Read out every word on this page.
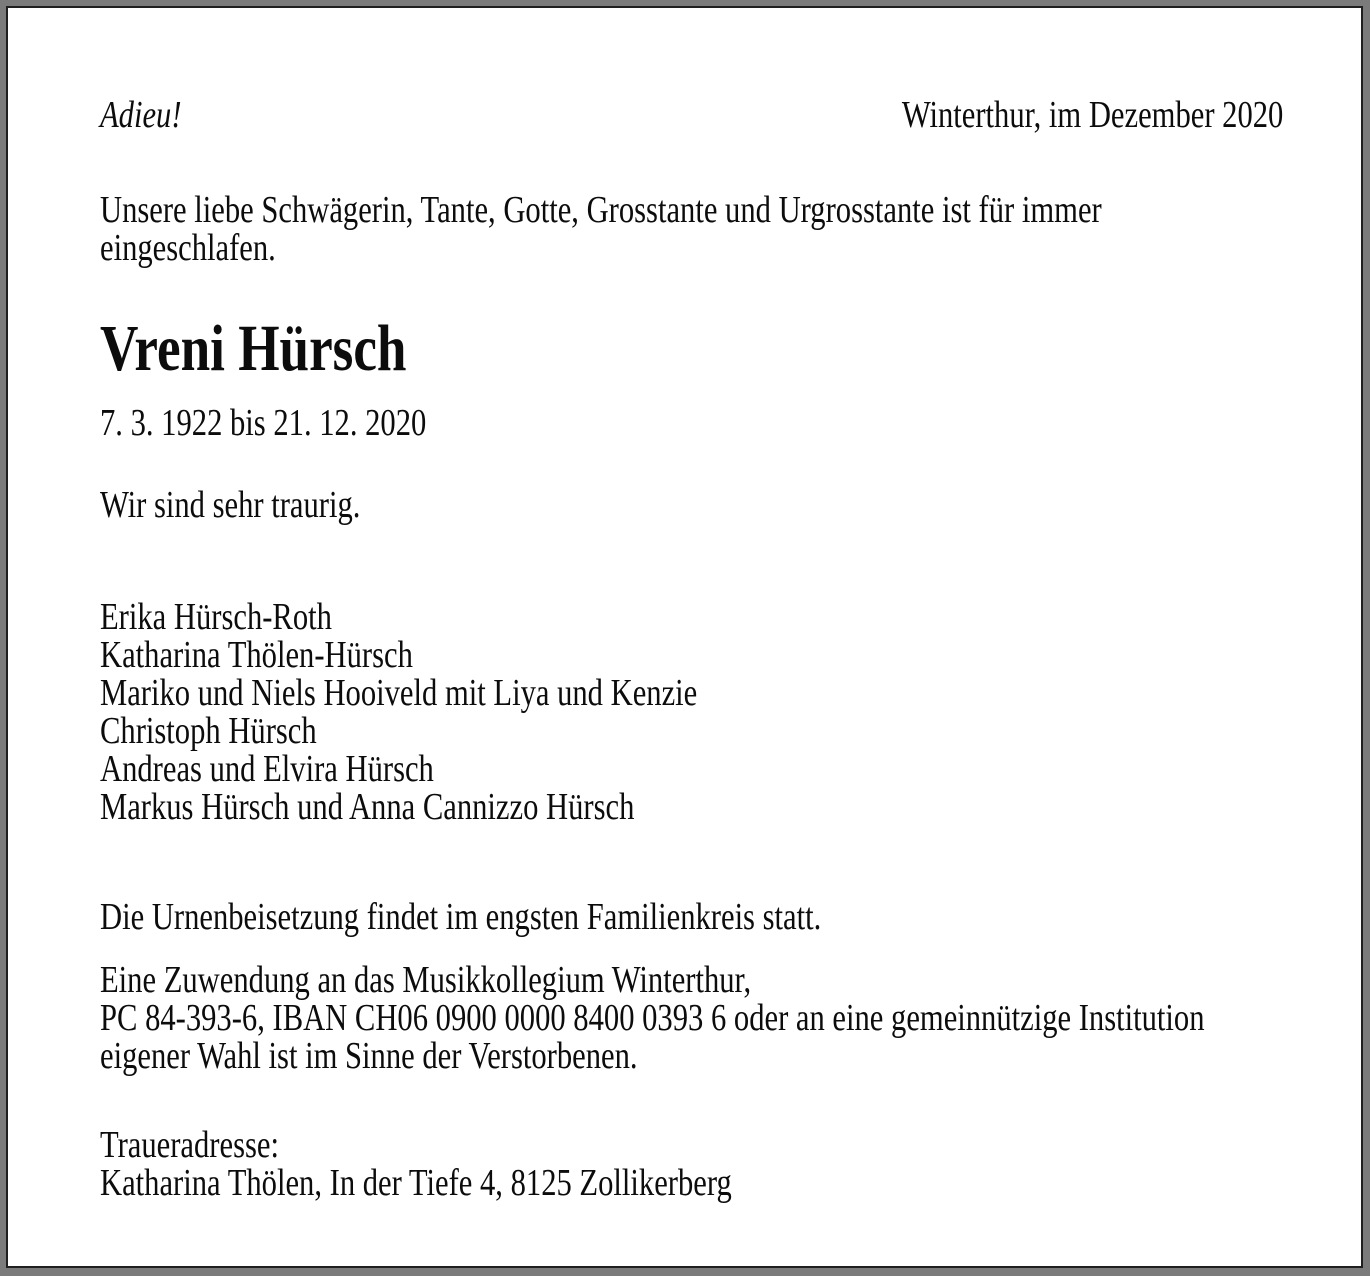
Adieu!	Winterthur, im Dezember 2020
Unsere liebe Schwägerin, Tante, Gotte, Grosstante und Urgrosstante ist für immer
eingeschlafen.
Vreni Hürsch
7. 3. 1922 bis 21. 12. 2020
Wir sind sehr traurig.
Erika Hürsch-Roth
Katharina Thölen-Hürsch
Mariko und Niels Hooiveld mit Liya und Kenzie
Christoph Hürsch
Andreas und Elvira Hürsch
Markus Hürsch und Anna Cannizzo Hürsch
Die Urnenbeisetzung findet im engsten Familienkreis statt.
Eine Zuwendung an das Musikkollegium Winterthur,
PC 84-393-6, IBAN CH06 0900 0000 8400 0393 6 oder an eine gemeinnützige Institution
eigener Wahl ist im Sinne der Verstorbenen.
Traueradresse:
Katharina Thölen, In der Tiefe 4, 8125 Zollikerberg
